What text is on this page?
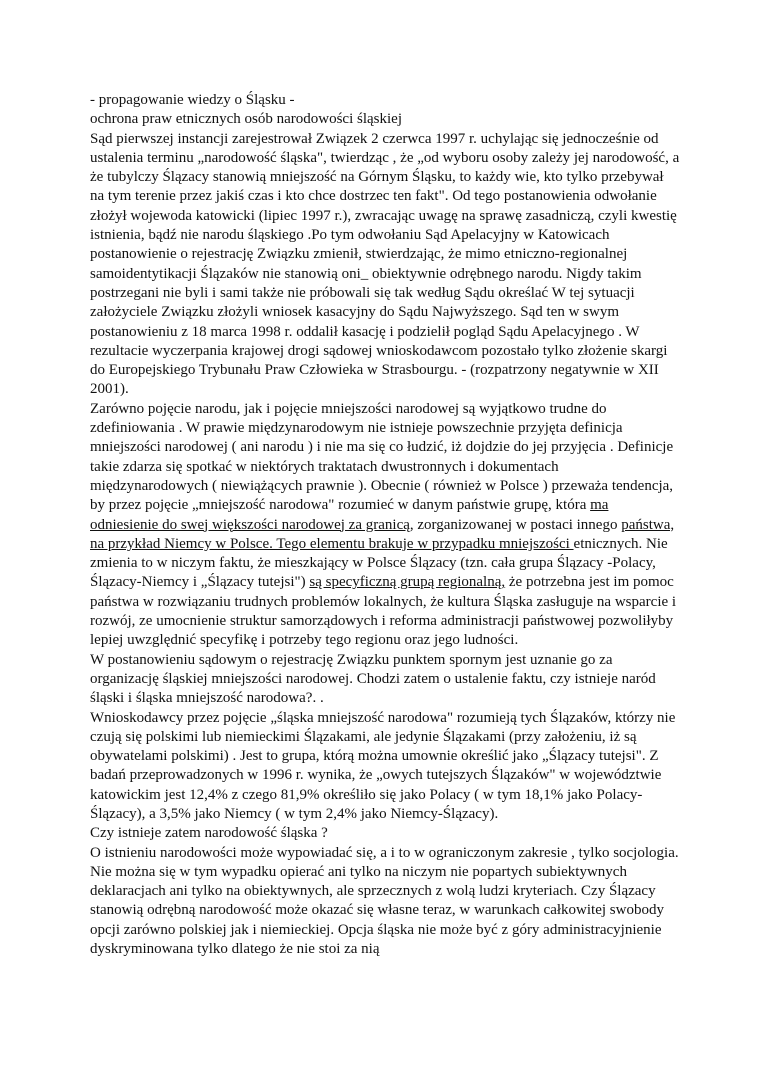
- propagowanie wiedzy o Śląsku -

ochrona praw etnicznych osób narodowości śląskiej

Sąd pierwszej instancji zarejestrował Związek 2 czerwca 1997 r. uchylając się jednocześnie od ustalenia terminu „narodowość śląska", twierdząc , że „od wyboru osoby zależy jej narodowość, a że tubylczy Ślązacy stanowią mniejszość na Górnym Śląsku, to każdy wie, kto tylko przebywał na tym terenie przez jakiś czas i kto chce dostrzec ten fakt". Od tego postanowienia odwołanie złożył wojewoda katowicki (lipiec 1997 r.), zwracając uwagę na sprawę zasadniczą, czyli kwestię istnienia, bądź nie narodu śląskiego .Po tym odwołaniu Sąd Apelacyjny w Katowicach postanowienie o rejestrację Związku zmienił, stwierdzając, że mimo etniczno-regionalnej samoidentytikacji Ślązaków nie stanowią oni_ obiektywnie odrębnego narodu. Nigdy takim postrzegani nie byli i sami także nie próbowali się tak według Sądu określać W tej sytuacji założyciele Związku złożyli wniosek kasacyjny do Sądu Najwyższego. Sąd ten w swym postanowieniu z 18 marca 1998 r. oddalił kasację i podzielił pogląd Sądu Apelacyjnego . W rezultacie wyczerpania krajowej drogi sądowej wnioskodawcom pozostało tylko złożenie skargi do Europejskiego Trybunału Praw Człowieka w Strasbourgu. - (rozpatrzony negatywnie w XII 2001).

Zarówno pojęcie narodu, jak i pojęcie mniejszości narodowej są wyjątkowo trudne do zdefiniowania . W prawie międzynarodowym nie istnieje powszechnie przyjęta definicja mniejszości narodowej ( ani narodu ) i nie ma się co łudzić, iż dojdzie do jej przyjęcia . Definicje takie zdarza się spotkać w niektórych traktatach dwustronnych i dokumentach międzynarodowych ( niewiążących prawnie ). Obecnie ( również w Polsce ) przeważa tendencja, by przez pojęcie „mniejszość narodowa" rozumieć w danym państwie grupę, która ma odniesienie do swej większości narodowej za granicą, zorganizowanej w postaci innego państwa, na przykład Niemcy w Polsce. Tego elementu brakuje w przypadku mniejszości etnicznych. Nie zmienia to w niczym faktu, że mieszkający w Polsce Ślązacy (tzn. cała grupa Ślązacy -Polacy, Ślązacy-Niemcy i „Ślązacy tutejsi") są specyficzną grupą regionalną, że potrzebna jest im pomoc państwa w rozwiązaniu trudnych problemów lokalnych, że kultura Śląska zasługuje na wsparcie i rozwój, ze umocnienie struktur samorządowych i reforma administracji państwowej pozwoliłyby lepiej uwzględnić specyfikę i potrzeby tego regionu oraz jego ludności.

W postanowieniu sądowym o rejestrację Związku punktem spornym jest uznanie go za organizację śląskiej mniejszości narodowej. Chodzi zatem o ustalenie faktu, czy istnieje naród śląski i śląska mniejszość narodowa?. .

Wnioskodawcy przez pojęcie „śląska mniejszość narodowa" rozumieją tych Ślązaków, którzy nie czują się polskimi lub niemieckimi Ślązakami, ale jedynie Ślązakami (przy założeniu, iż są obywatelami polskimi) . Jest to grupa, którą można umownie określić jako „Ślązacy tutejsi". Z badań przeprowadzonych w 1996 r. wynika, że „owych tutejszych Ślązaków" w województwie katowickim jest 12,4% z czego 81,9% określiło się jako Polacy ( w tym 18,1% jako Polacy-Ślązacy), a 3,5% jako Niemcy ( w tym 2,4% jako Niemcy-Ślązacy).

Czy istnieje zatem narodowość śląska ?

O istnieniu narodowości może wypowiadać się, a i to w ograniczonym zakresie , tylko socjologia. Nie można się w tym wypadku opierać ani tylko na niczym nie popartych subiektywnych deklaracjach ani tylko na obiektywnych, ale sprzecznych z wolą ludzi kryteriach. Czy Ślązacy stanowią odrębną narodowość może okazać się własne teraz, w warunkach całkowitej swobody opcji zarówno polskiej jak i niemieckiej. Opcja śląska nie może być z góry administracyjnienie dyskryminowana tylko dlatego że nie stoi za nią
